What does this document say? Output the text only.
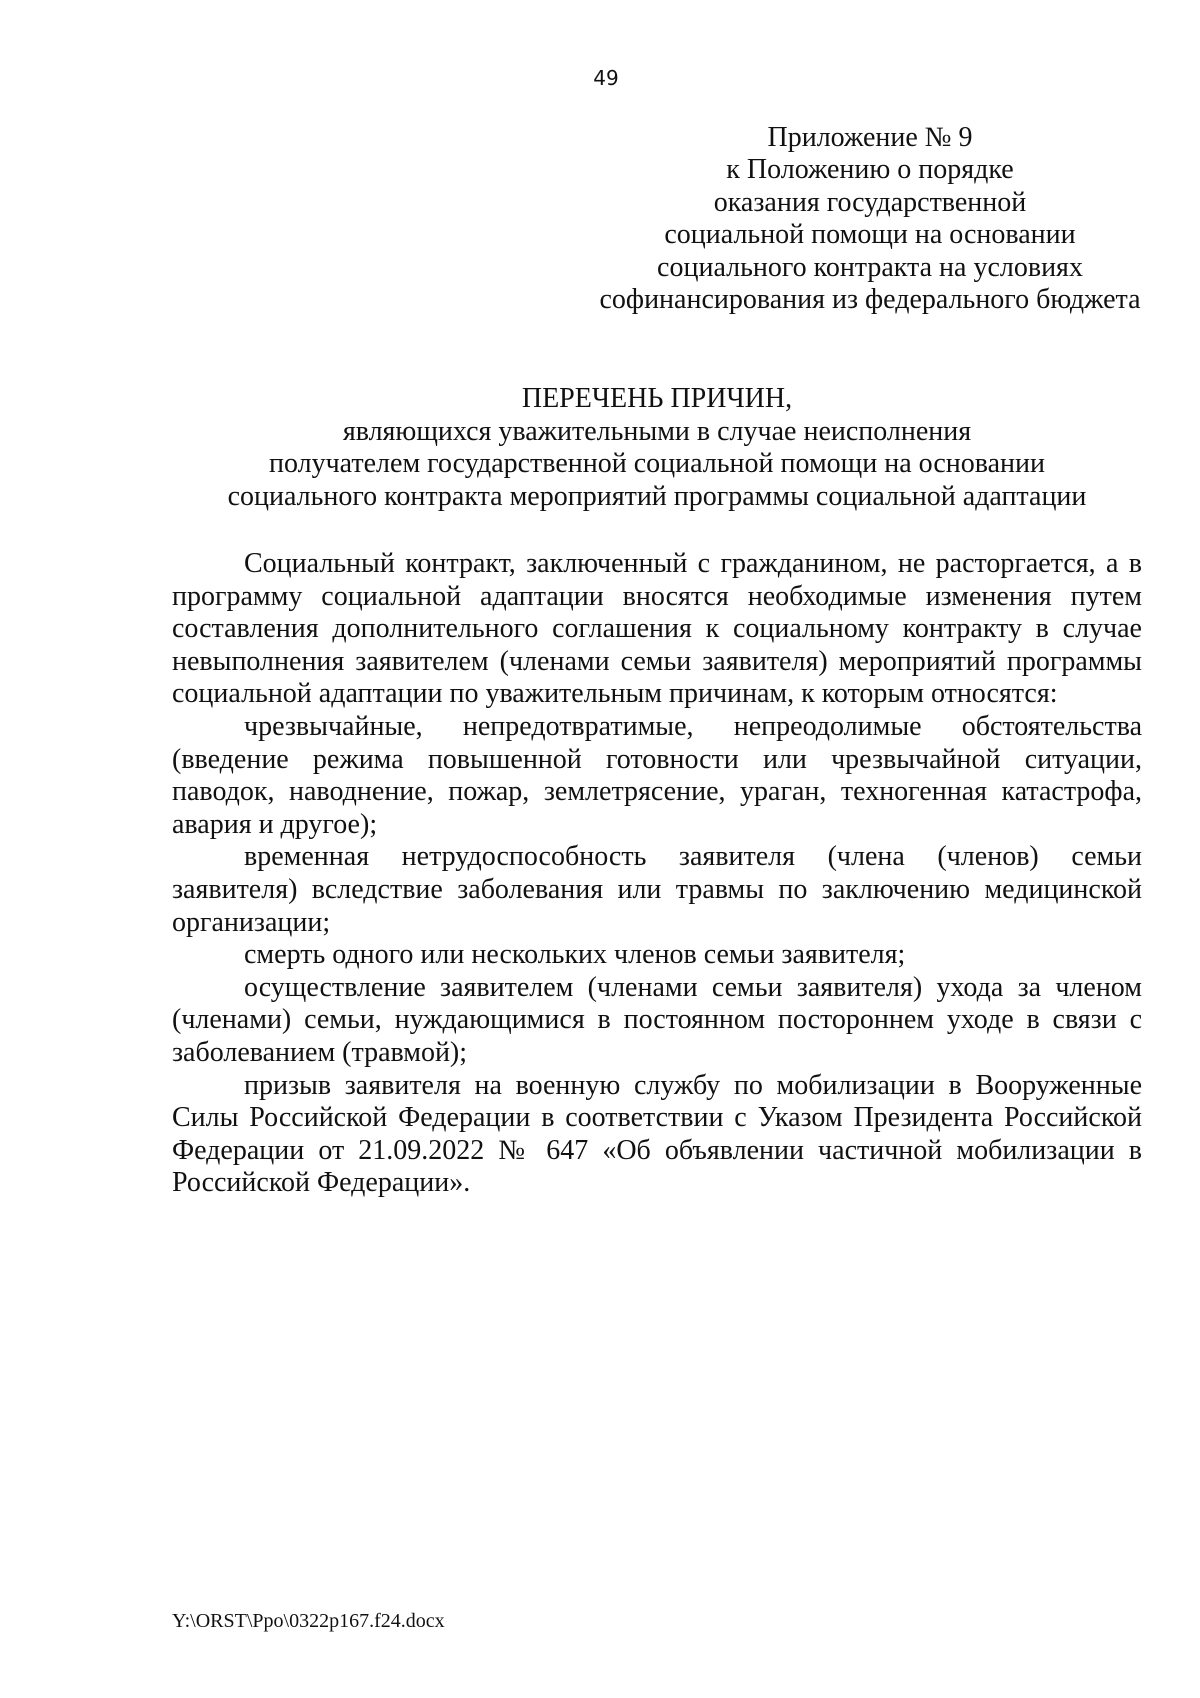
49
Приложение № 9
к Положению о порядке
оказания государственной
социальной помощи на основании
социального контракта на условиях
софинансирования из федерального бюджета
ПЕРЕЧЕНЬ ПРИЧИН,
являющихся уважительными в случае неисполнения
получателем государственной социальной помощи на основании
социального контракта мероприятий программы социальной адаптации

Социальный контракт, заключенный с гражданином, не расторгается, а в программу социальной адаптации вносятся необходимые изменения путем составления дополнительного соглашения к социальному контракту в случае невыполнения заявителем (членами семьи заявителя) мероприятий программы социальной адаптации по уважительным причинам, к которым относятся:

чрезвычайные, непредотвратимые, непреодолимые обстоятельства (введение режима повышенной готовности или чрезвычайной ситуации, паводок, наводнение, пожар, землетрясение, ураган, техногенная катастрофа, авария и другое);

временная нетрудоспособность заявителя (члена (членов) семьи заявителя) вследствие заболевания или травмы по заключению медицинской организации;

смерть одного или нескольких членов семьи заявителя;

осуществление заявителем (членами семьи заявителя) ухода за членом (членами) семьи, нуждающимися в постоянном постороннем уходе в связи с заболеванием (травмой);

призыв заявителя на военную службу по мобилизации в Вооруженные Силы Российской Федерации в соответствии с Указом Президента Российской Федерации от 21.09.2022 № 647 «Об объявлении частичной мобилизации в Российской Федерации».

Y:\ORST\Ppo\0322p167.f24.docx
